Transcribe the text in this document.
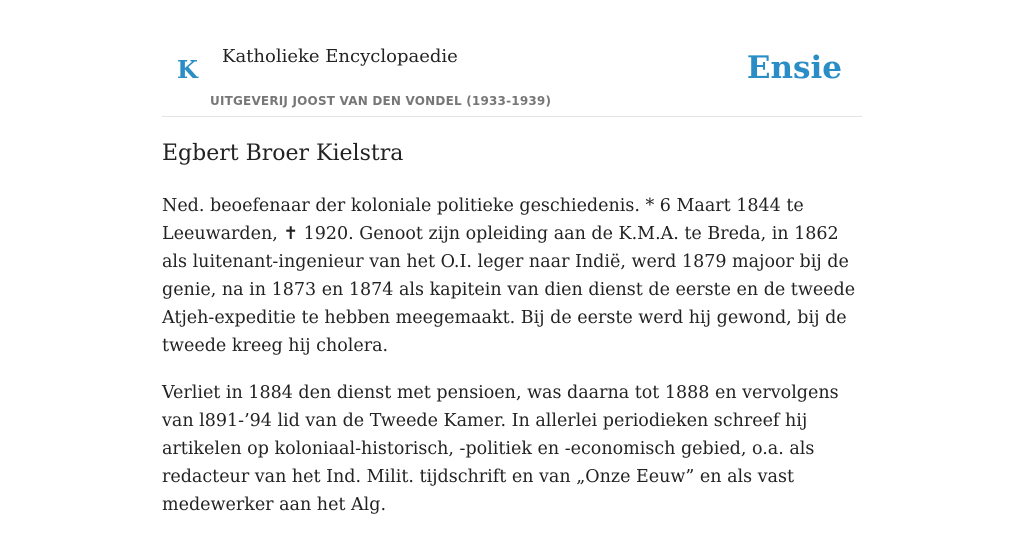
K Katholieke Encyclopaedie
UITGEVERIJ JOOST VAN DEN VONDEL (1933-1939)
Ensie
Egbert Broer Kielstra

Ned. beoefenaar der koloniale politieke geschiedenis. * 6 Maart 1844 te Leeuwarden, ✝ 1920. Genoot zijn opleiding aan de K.M.A. te Breda, in 1862 als luitenant-ingenieur van het O.I. leger naar Indië, werd 1879 majoor bij de genie, na in 1873 en 1874 als kapitein van dien dienst de eerste en de tweede Atjeh-expeditie te hebben meegemaakt. Bij de eerste werd hij gewond, bij de tweede kreeg hij cholera.

Verliet in 1884 den dienst met pensioen, was daarna tot 1888 en vervolgens van l891-’94 lid van de Tweede Kamer. In allerlei periodieken schreef hij artikelen op koloniaal-historisch, -politiek en -economisch gebied, o.a. als redacteur van het Ind. Milit. tijdschrift en van „Onze Eeuw” en als vast medewerker aan het Alg.
